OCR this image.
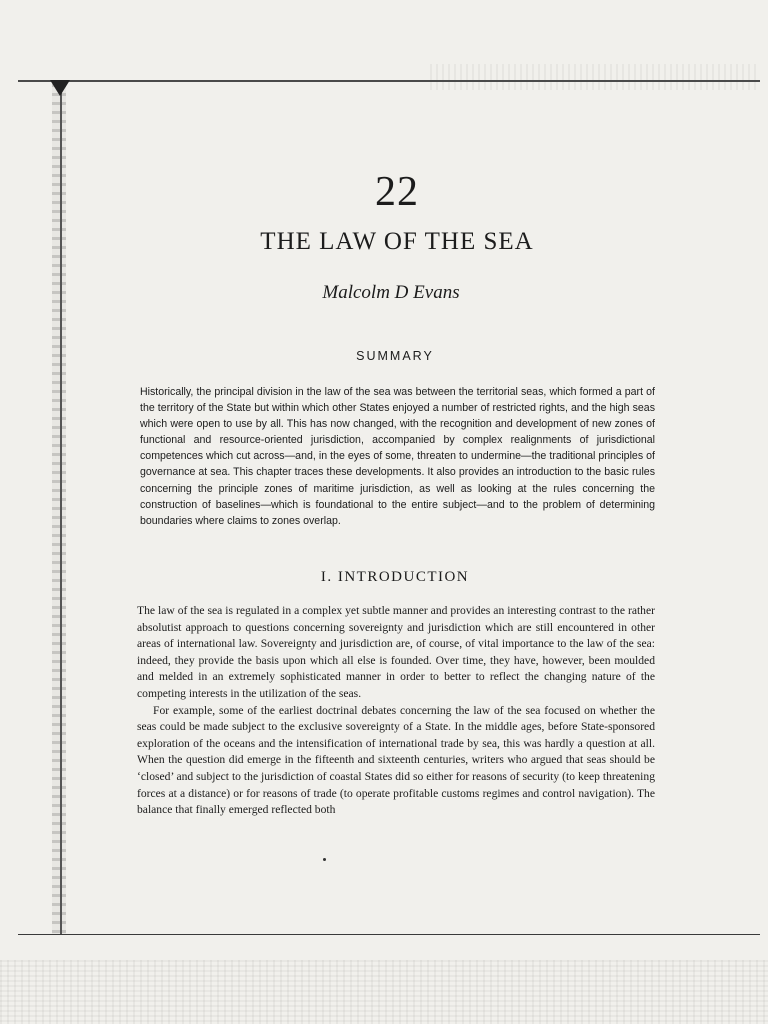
22
THE LAW OF THE SEA
Malcolm D Evans
SUMMARY
Historically, the principal division in the law of the sea was between the territorial seas, which formed a part of the territory of the State but within which other States enjoyed a number of restricted rights, and the high seas which were open to use by all. This has now changed, with the recognition and development of new zones of functional and resource-oriented jurisdiction, accompanied by complex realignments of jurisdictional competences which cut across—and, in the eyes of some, threaten to undermine—the traditional principles of governance at sea. This chapter traces these developments. It also provides an introduction to the basic rules concerning the principle zones of maritime jurisdiction, as well as looking at the rules concerning the construction of baselines—which is foundational to the entire subject—and to the problem of determining boundaries where claims to zones overlap.
I. INTRODUCTION

The law of the sea is regulated in a complex yet subtle manner and provides an interesting contrast to the rather absolutist approach to questions concerning sovereignty and jurisdiction which are still encountered in other areas of international law. Sovereignty and jurisdiction are, of course, of vital importance to the law of the sea: indeed, they provide the basis upon which all else is founded. Over time, they have, however, been moulded and melded in an extremely sophisticated manner in order to better to reflect the changing nature of the competing interests in the utilization of the seas.

For example, some of the earliest doctrinal debates concerning the law of the sea focused on whether the seas could be made subject to the exclusive sovereignty of a State. In the middle ages, before State-sponsored exploration of the oceans and the intensification of international trade by sea, this was hardly a question at all. When the question did emerge in the fifteenth and sixteenth centuries, writers who argued that seas should be ‘closed’ and subject to the jurisdiction of coastal States did so either for reasons of security (to keep threatening forces at a distance) or for reasons of trade (to operate profitable customs regimes and control navigation). The balance that finally emerged reflected both
